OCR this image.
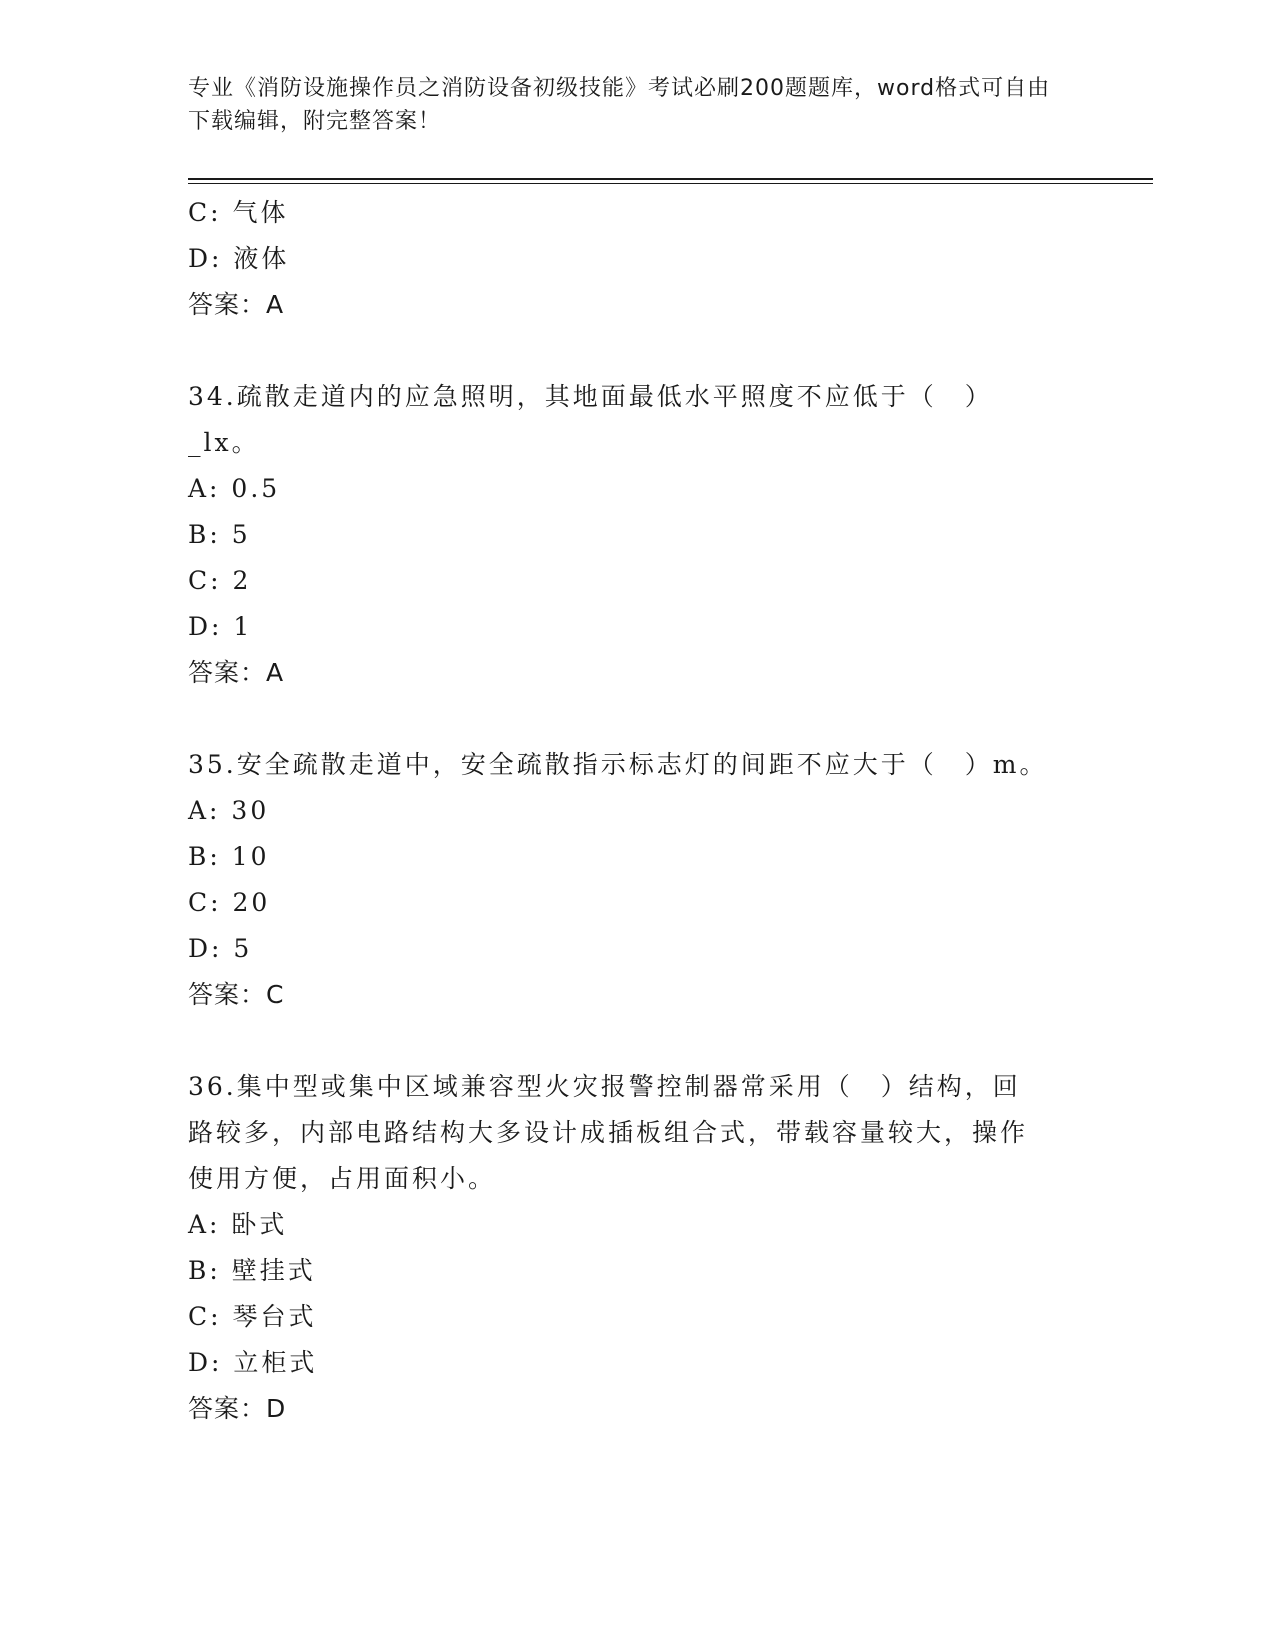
专业《消防设施操作员之消防设备初级技能》考试必刷200题题库，word格式可自由下载编辑，附完整答案！
C: 气体
D: 液体
答案：A
34.疏散走道内的应急照明，其地面最低水平照度不应低于（　）_lx。
A: 0.5
B: 5
C: 2
D: 1
答案：A
35.安全疏散走道中，安全疏散指示标志灯的间距不应大于（　）m。
A: 30
B: 10
C: 20
D: 5
答案：C
36.集中型或集中区域兼容型火灾报警控制器常采用（　）结构，回路较多，内部电路结构大多设计成插板组合式，带载容量较大，操作使用方便，占用面积小。
A: 卧式
B: 壁挂式
C: 琴台式
D: 立柜式
答案：D
